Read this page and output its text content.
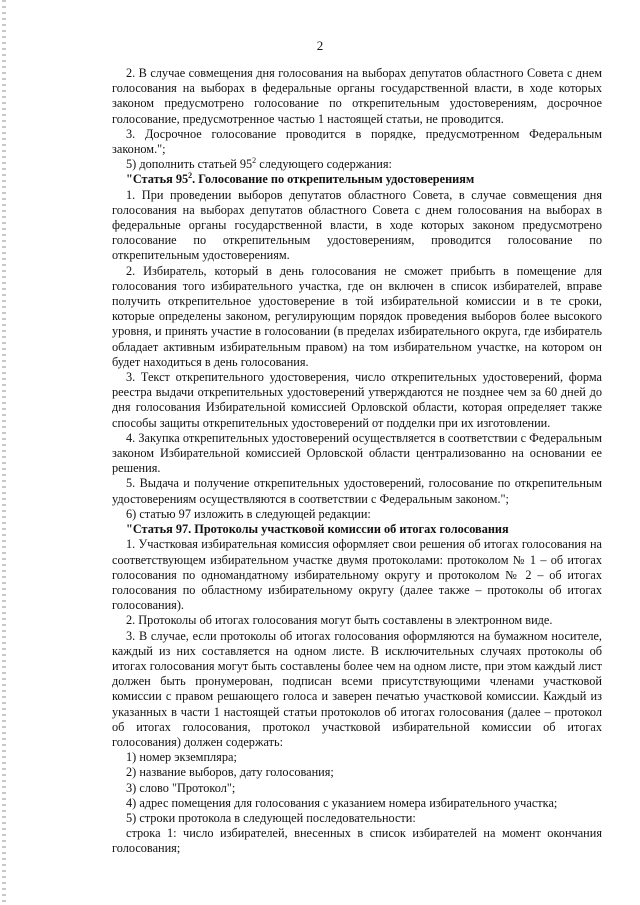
2

2. В случае совмещения дня голосования на выборах депутатов областного Совета с днем голосования на выборах в федеральные органы государственной власти, в ходе которых законом предусмотрено голосование по открепительным удостоверениям, досрочное голосование, предусмотренное частью 1 настоящей статьи, не проводится.

3. Досрочное голосование проводится в порядке, предусмотренном Федеральным законом.";

5) дополнить статьей $95^2$ следующего содержания:

"Статья $95^2$. Голосование по открепительным удостоверениям

1. При проведении выборов депутатов областного Совета, в случае совмещения дня голосования на выборах депутатов областного Совета с днем голосования на выборах в федеральные органы государственной власти, в ходе которых законом предусмотрено голосование по открепительным удостоверениям, проводится голосование по открепительным удостоверениям.

2. Избиратель, который в день голосования не сможет прибыть в помещение для голосования того избирательного участка, где он включен в список избирателей, вправе получить открепительное удостоверение в той избирательной комиссии и в те сроки, которые определены законом, регулирующим порядок проведения выборов более высокого уровня, и принять участие в голосовании (в пределах избирательного округа, где избиратель обладает активным избирательным правом) на том избирательном участке, на котором он будет находиться в день голосования.

3. Текст открепительного удостоверения, число открепительных удостоверений, форма реестра выдачи открепительных удостоверений утверждаются не позднее чем за 60 дней до дня голосования Избирательной комиссией Орловской области, которая определяет также способы защиты открепительных удостоверений от подделки при их изготовлении.

4. Закупка открепительных удостоверений осуществляется в соответствии с Федеральным законом Избирательной комиссией Орловской области централизованно на основании ее решения.

5. Выдача и получение открепительных удостоверений, голосование по открепительным удостоверениям осуществляются в соответствии с Федеральным законом.";

6) статью 97 изложить в следующей редакции:

"Статья 97. Протоколы участковой комиссии об итогах голосования

1. Участковая избирательная комиссия оформляет свои решения об итогах голосования на соответствующем избирательном участке двумя протоколами: протоколом № 1 – об итогах голосования по одномандатному избирательному округу и протоколом № 2 – об итогах голосования по областному избирательному округу (далее также – протоколы об итогах голосования).

2. Протоколы об итогах голосования могут быть составлены в электронном виде.

3. В случае, если протоколы об итогах голосования оформляются на бумажном носителе, каждый из них составляется на одном листе. В исключительных случаях протоколы об итогах голосования могут быть составлены более чем на одном листе, при этом каждый лист должен быть пронумерован, подписан всеми присутствующими членами участковой комиссии с правом решающего голоса и заверен печатью участковой комиссии. Каждый из указанных в части 1 настоящей статьи протоколов об итогах голосования (далее – протокол об итогах голосования, протокол участковой избирательной комиссии об итогах голосования) должен содержать:

1) номер экземпляра;

2) название выборов, дату голосования;

3) слово "Протокол";

4) адрес помещения для голосования с указанием номера избирательного участка;

5) строки протокола в следующей последовательности:

строка 1: число избирателей, внесенных в список избирателей на момент окончания голосования;
